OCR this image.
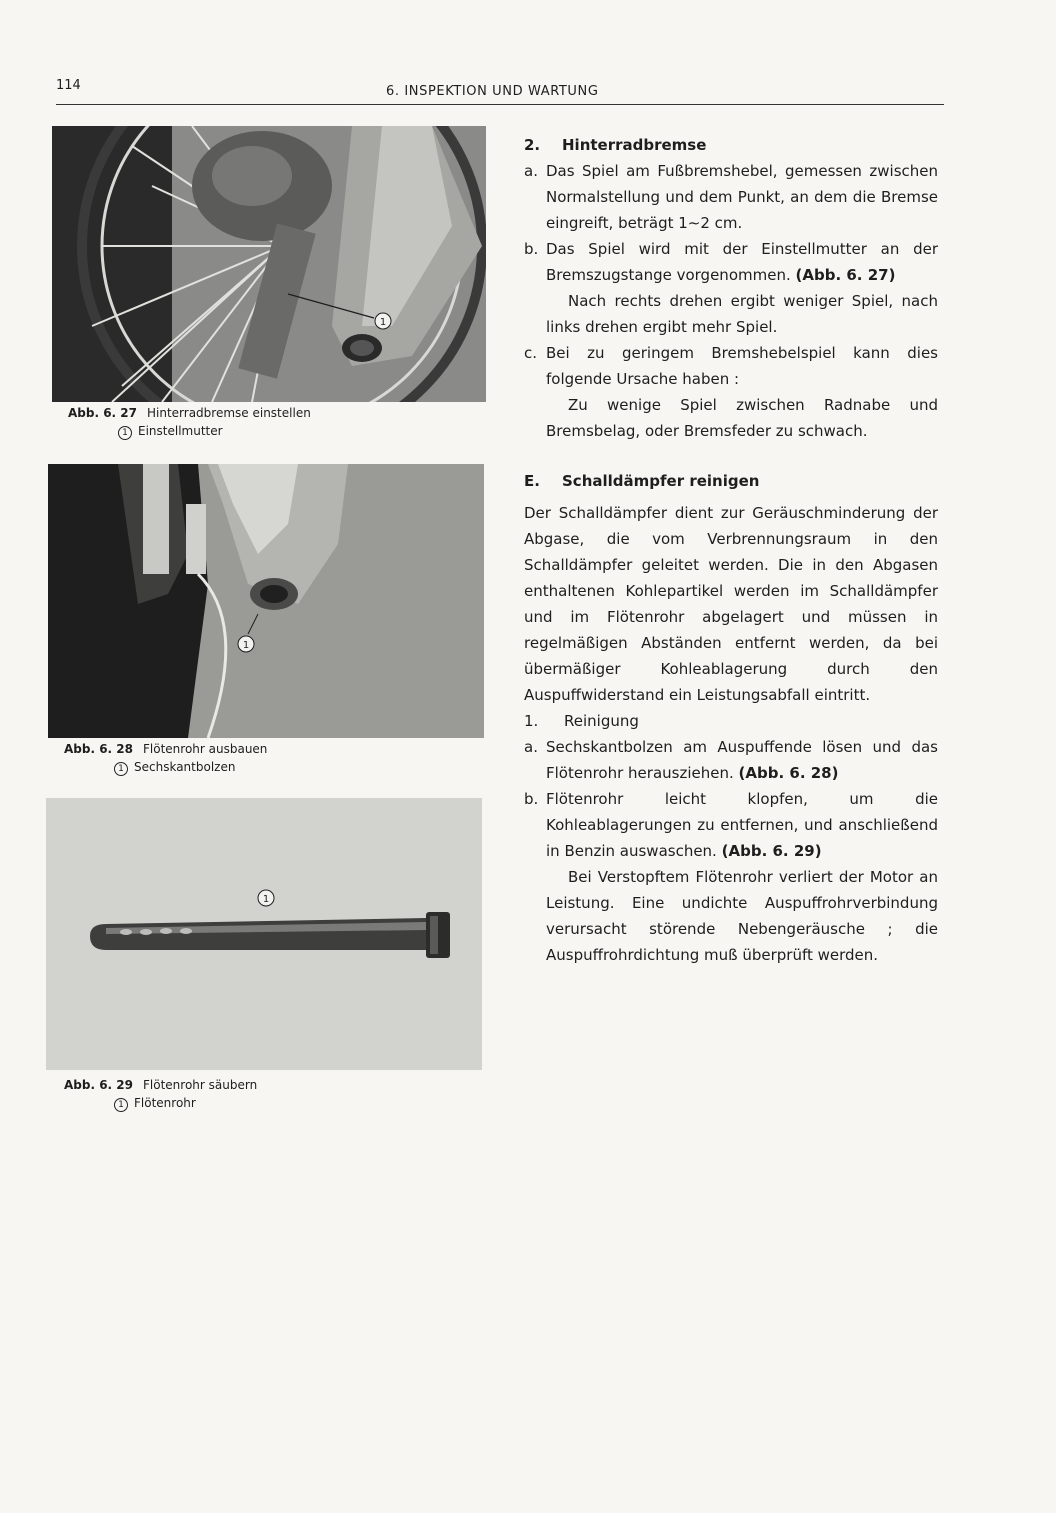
114	6. INSPEKTION UND WARTUNG
1
Abb. 6. 27 Hinterradbremse einstellen
1 Einstellmutter
1
Abb. 6. 28 Flötenrohr ausbauen
1 Sechskantbolzen
1
Abb. 6. 29 Flötenrohr säubern
1 Flötenrohr
2. Hinterradbremse
a. Das Spiel am Fußbremshebel, gemessen zwischen Normalstellung und dem Punkt, an dem die Bremse eingreift, beträgt 1∼2 cm.
b. Das Spiel wird mit der Einstellmutter an der Bremszugstange vorgenommen. (Abb. 6. 27)
Nach rechts drehen ergibt weniger Spiel, nach links drehen ergibt mehr Spiel.
c. Bei zu geringem Bremshebelspiel kann dies folgende Ursache haben :
Zu wenige Spiel zwischen Radnabe und Bremsbelag, oder Bremsfeder zu schwach.
E. Schalldämpfer reinigen
Der Schalldämpfer dient zur Geräuschminderung der Abgase, die vom Verbrennungsraum in den Schalldämpfer geleitet werden. Die in den Abgasen enthaltenen Kohlepartikel werden im Schalldämpfer und im Flötenrohr abgelagert und müssen in regelmäßigen Abständen entfernt werden, da bei übermäßiger Kohleablagerung durch den Auspuffwiderstand ein Leistungsabfall eintritt.
1.	Reinigung
a. Sechskantbolzen am Auspuffende lösen und das Flötenrohr herausziehen. (Abb. 6. 28)
b. Flötenrohr leicht klopfen, um die Kohleablagerungen zu entfernen, und anschließend in Benzin auswaschen. (Abb. 6. 29)
Bei Verstopftem Flötenrohr verliert der Motor an Leistung. Eine undichte Auspuffrohrverbindung verursacht störende Nebengeräusche ; die Auspuffrohrdichtung muß überprüft werden.
